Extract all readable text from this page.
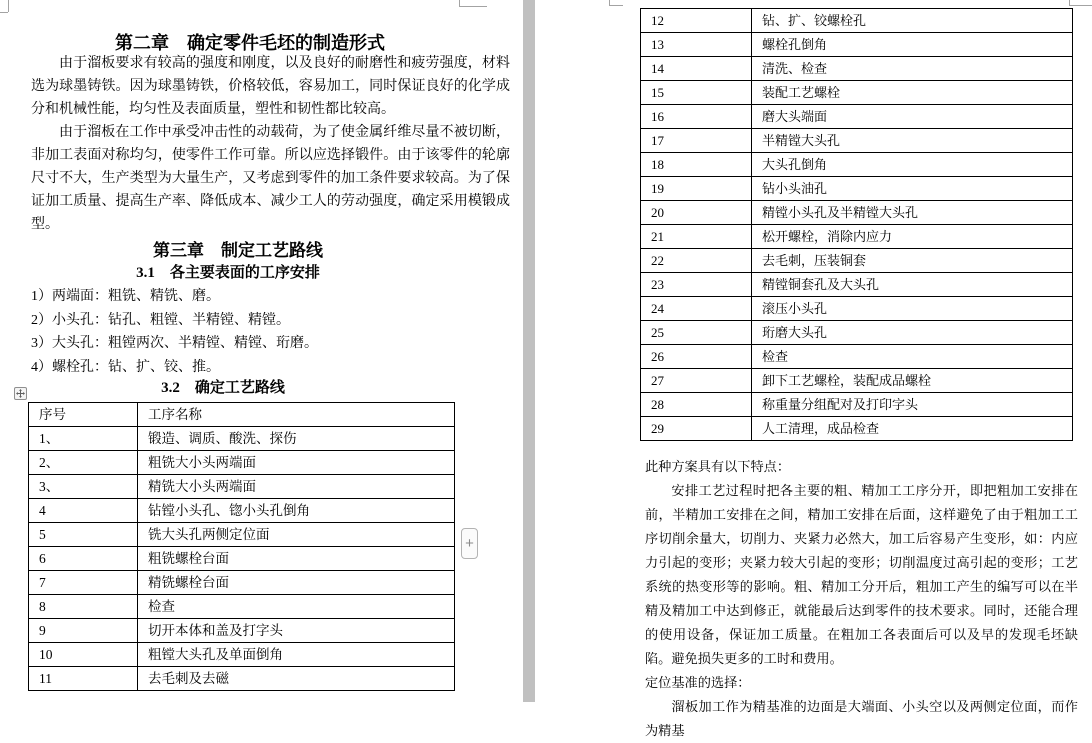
第二章　确定零件毛坯的制造形式

由于溜板要求有较高的强度和刚度，以及良好的耐磨性和疲劳强度，材料选为球墨铸铁。因为球墨铸铁，价格较低，容易加工，同时保证良好的化学成分和机械性能，均匀性及表面质量，塑性和韧性都比较高。

由于溜板在工作中承受冲击性的动载荷，为了使金属纤维尽量不被切断，非加工表面对称均匀，使零件工作可靠。所以应选择锻件。由于该零件的轮廓尺寸不大，生产类型为大量生产，又考虑到零件的加工条件要求较高。为了保证加工质量、提高生产率、降低成本、减少工人的劳动强度，确定采用模锻成型。

第三章　制定工艺路线
3.1　各主要表面的工序安排
1）两端面：粗铣、精铣、磨。
2）小头孔：钻孔、粗镗、半精镗、精镗。
3）大头孔：粗镗两次、半精镗、精镗、珩磨。
4）螺栓孔：钻、扩、铰、推。
3.2　确定工艺路线
序号	工序名称
1、	锻造、调质、酸洗、探伤
2、	粗铣大小头两端面
3、	精铣大小头两端面
4	钻镗小头孔、锪小头孔倒角
5	铣大头孔两侧定位面
6	粗铣螺栓台面
7	精铣螺栓台面
8	检查
9	切开本体和盖及打字头
10	粗镗大头孔及单面倒角
11	去毛刺及去磁
+
12	钻、扩、铰螺栓孔
13	螺栓孔倒角
14	清洗、检查
15	装配工艺螺栓
16	磨大头端面
17	半精镗大头孔
18	大头孔倒角
19	钻小头油孔
20	精镗小头孔及半精镗大头孔
21	松开螺栓，消除内应力
22	去毛刺，压装铜套
23	精镗铜套孔及大头孔
24	滚压小头孔
25	珩磨大头孔
26	检查
27	卸下工艺螺栓，装配成品螺栓
28	称重量分组配对及打印字头
29	人工清理，成品检查

此种方案具有以下特点：

安排工艺过程时把各主要的粗、精加工工序分开，即把粗加工安排在前，半精加工安排在之间，精加工安排在后面，这样避免了由于粗加工工序切削余量大，切削力、夹紧力必然大，加工后容易产生变形，如：内应力引起的变形；夹紧力较大引起的变形；切削温度过高引起的变形；工艺系统的热变形等的影响。粗、精加工分开后，粗加工产生的编写可以在半精及精加工中达到修正，就能最后达到零件的技术要求。同时，还能合理的使用设备，保证加工质量。在粗加工各表面后可以及早的发现毛坯缺陷。避免损失更多的工时和费用。

定位基准的选择：

溜板加工作为精基准的边面是大端面、小头空以及两侧定位面，而作为精基
